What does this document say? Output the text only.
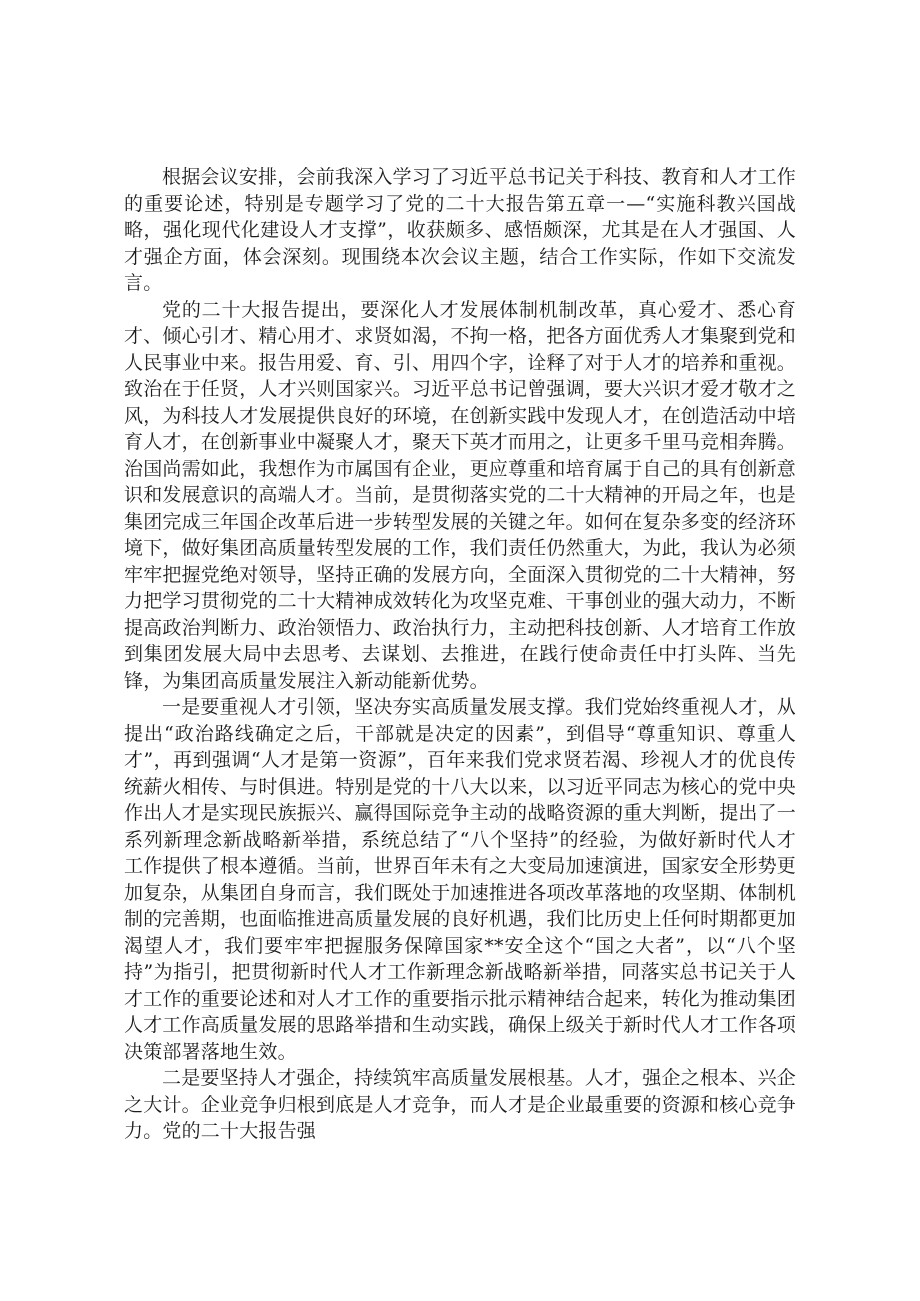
根据会议安排，会前我深入学习了习近平总书记关于科技、教育和人才工作的重要论述，特别是专题学习了党的二十大报告第五章一—“实施科教兴国战略，强化现代化建设人才支撑”，收获颇多、感悟颇深，尤其是在人才强国、人才强企方面，体会深刻。现围绕本次会议主题，结合工作实际，作如下交流发言。

党的二十大报告提出，要深化人才发展体制机制改革，真心爱才、悉心育才、倾心引才、精心用才、求贤如渴，不拘一格，把各方面优秀人才集聚到党和人民事业中来。报告用爱、育、引、用四个字，诠释了对于人才的培养和重视。致治在于任贤，人才兴则国家兴。习近平总书记曾强调，要大兴识才爱才敬才之风，为科技人才发展提供良好的环境，在创新实践中发现人才，在创造活动中培育人才，在创新事业中凝聚人才，聚天下英才而用之，让更多千里马竞相奔腾。治国尚需如此，我想作为市属国有企业，更应尊重和培育属于自己的具有创新意识和发展意识的高端人才。当前，是贯彻落实党的二十大精神的开局之年，也是集团完成三年国企改革后进一步转型发展的关键之年。如何在复杂多变的经济环境下，做好集团高质量转型发展的工作，我们责任仍然重大，为此，我认为必须牢牢把握党绝对领导，坚持正确的发展方向，全面深入贯彻党的二十大精神，努力把学习贯彻党的二十大精神成效转化为攻坚克难、干事创业的强大动力，不断提高政治判断力、政治领悟力、政治执行力，主动把科技创新、人才培育工作放到集团发展大局中去思考、去谋划、去推进，在践行使命责任中打头阵、当先锋，为集团高质量发展注入新动能新优势。

一是要重视人才引领，坚决夯实高质量发展支撑。我们党始终重视人才，从提出“政治路线确定之后，干部就是决定的因素”，到倡导“尊重知识、尊重人才”，再到强调“人才是第一资源”，百年来我们党求贤若渴、珍视人才的优良传统薪火相传、与时俱进。特别是党的十八大以来，以习近平同志为核心的党中央作出人才是实现民族振兴、赢得国际竞争主动的战略资源的重大判断，提出了一系列新理念新战略新举措，系统总结了“八个坚持”的经验，为做好新时代人才工作提供了根本遵循。当前，世界百年未有之大变局加速演进，国家安全形势更加复杂，从集团自身而言，我们既处于加速推进各项改革落地的攻坚期、体制机制的完善期，也面临推进高质量发展的良好机遇，我们比历史上任何时期都更加渴望人才，我们要牢牢把握服务保障国家**安全这个“国之大者”，以“八个坚持”为指引，把贯彻新时代人才工作新理念新战略新举措，同落实总书记关于人才工作的重要论述和对人才工作的重要指示批示精神结合起来，转化为推动集团人才工作高质量发展的思路举措和生动实践，确保上级关于新时代人才工作各项决策部署落地生效。

二是要坚持人才强企，持续筑牢高质量发展根基。人才，强企之根本、兴企之大计。企业竞争归根到底是人才竞争，而人才是企业最重要的资源和核心竞争力。党的二十大报告强
